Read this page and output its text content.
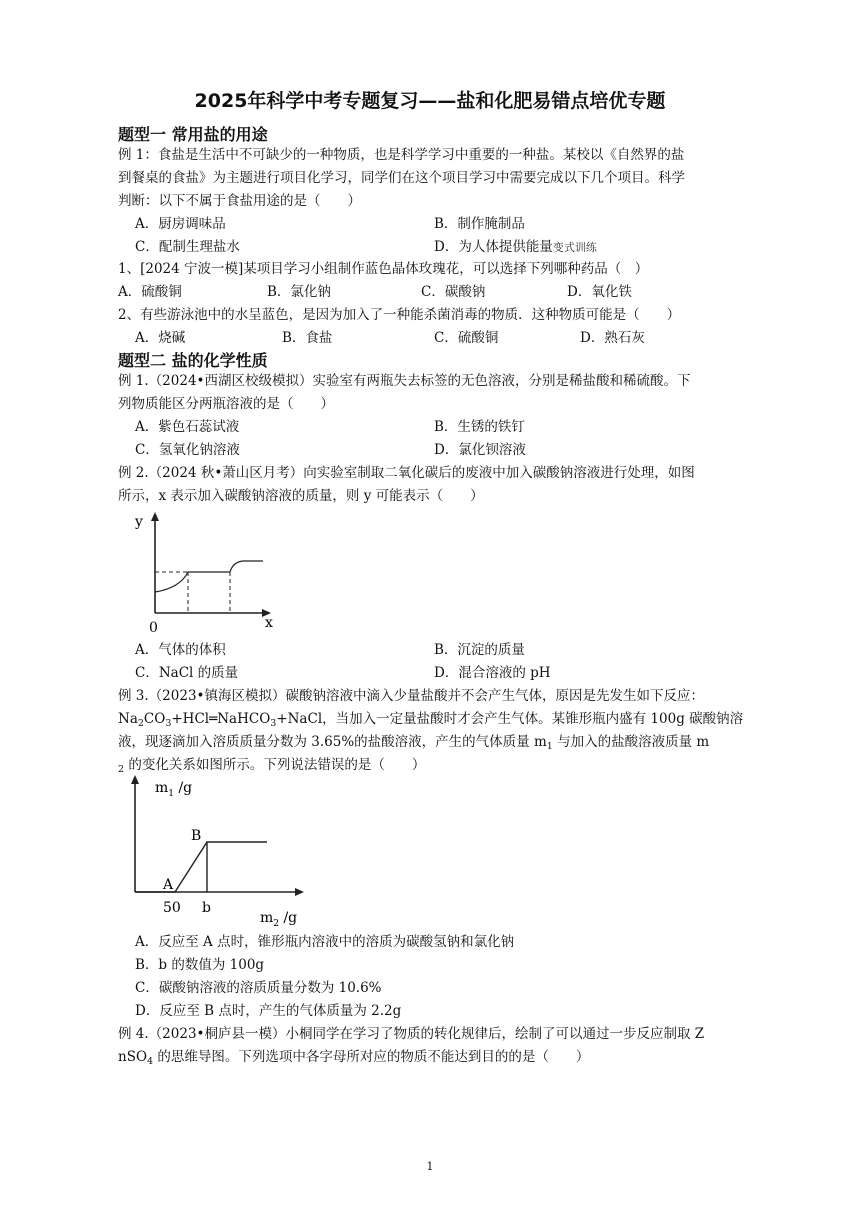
2025年科学中考专题复习——盐和化肥易错点培优专题
题型一 常用盐的用途
例 1：食盐是生活中不可缺少的一种物质，也是科学学习中重要的一种盐。某校以《自然界的盐
到餐桌的食盐》为主题进行项目化学习，同学们在这个项目学习中需要完成以下几个项目。科学
判断：以下不属于食盐用途的是（　　）
A．厨房调味品	B．制作腌制品
C．配制生理盐水	D．为人体提供能量变式训练
1、[2024 宁波一模]某项目学习小组制作蓝色晶体玫瑰花，可以选择下列哪种药品（　）
A．硫酸铜	B．氯化钠	C．碳酸钠	D．氧化铁
2、有些游泳池中的水呈蓝色，是因为加入了一种能杀菌消毒的物质．这种物质可能是（　　）
A．烧碱	B．食盐	C．硫酸铜	D．熟石灰
题型二 盐的化学性质
例 1.（2024•西湖区校级模拟）实验室有两瓶失去标签的无色溶液，分别是稀盐酸和稀硫酸。下
列物质能区分两瓶溶液的是（　　）
A．紫色石蕊试液	B．生锈的铁钉
C．氢氧化钠溶液	D．氯化钡溶液
例 2.（2024 秋•萧山区月考）向实验室制取二氧化碳后的废液中加入碳酸钠溶液进行处理，如图
所示，x 表示加入碳酸钠溶液的质量，则 y 可能表示（　　）
y
x
0
A．气体的体积	B．沉淀的质量
C．NaCl 的质量	D．混合溶液的 pH
例 3.（2023•镇海区模拟）碳酸钠溶液中滴入少量盐酸并不会产生气体，原因是先发生如下反应：
$Na_2CO_3+HCl═NaHCO_3+NaCl$，当加入一定量盐酸时才会产生气体。某锥形瓶内盛有 100g 碳酸钠溶
液，现逐滴加入溶质质量分数为 3.65%的盐酸溶液，产生的气体质量 $m_1$ 与加入的盐酸溶液质量 m
$_2$ 的变化关系如图所示。下列说法错误的是（　　）
$m_1$ /g
A
B
50 b
$m_2$ /g
A．反应至 A 点时，锥形瓶内溶液中的溶质为碳酸氢钠和氯化钠
B．b 的数值为 100g
C．碳酸钠溶液的溶质质量分数为 10.6%
D．反应至 B 点时，产生的气体质量为 2.2g
例 4.（2023•桐庐县一模）小桐同学在学习了物质的转化规律后，绘制了可以通过一步反应制取 Z
nSO$_4$ 的思维导图。下列选项中各字母所对应的物质不能达到目的的是（　　）
1
